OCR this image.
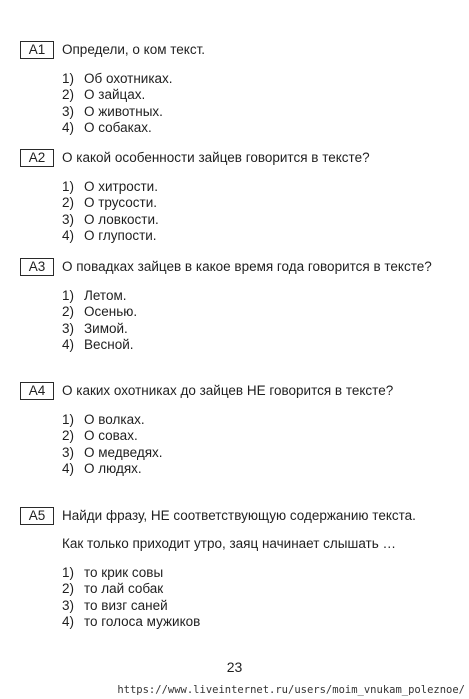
A1	Определи, о ком текст.
1) Об охотниках.
2) О зайцах.
3) О животных.
4) О собаках.
A2	О какой особенности зайцев говорится в тексте?
1) О хитрости.
2) О трусости.
3) О ловкости.
4) О глупости.
A3	О повадках зайцев в какое время года говорится в тексте?
1) Летом.
2) Осенью.
3) Зимой.
4) Весной.
A4	О каких охотниках до зайцев НЕ говорится в тексте?
1) О волках.
2) О совах.
3) О медведях.
4) О людях.
A5	Найди фразу, НЕ соответствующую содержанию текста.
Как только приходит утро, заяц начинает слышать …
1) то крик совы
2) то лай собак
3) то визг саней
4) то голоса мужиков
23
https://www.liveinternet.ru/users/moim_vnukam_poleznoe/
